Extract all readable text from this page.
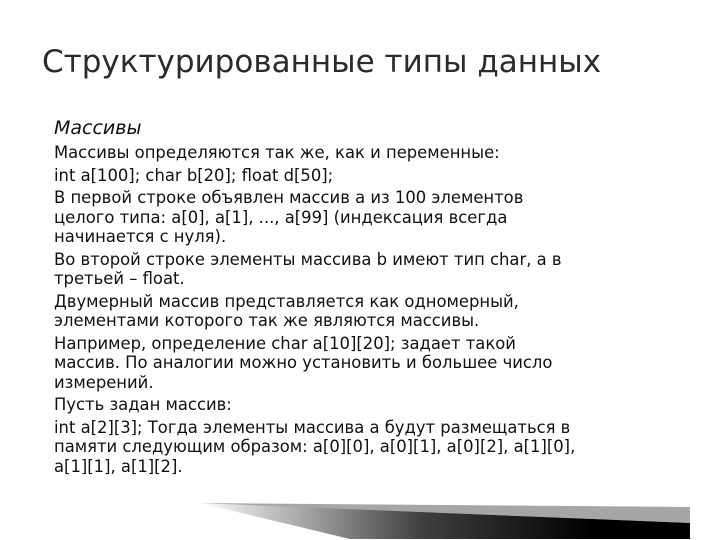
Структурированные типы данных
Массивы
Массивы определяются так же, как и переменные:
int a[100]; char b[20]; float d[50];
В первой строке объявлен массив a из 100 элементов
целого типа: a[0], a[1], ..., a[99] (индексация всегда
начинается с нуля).
Во второй строке элементы массива b имеют тип char, а в
третьей – float.
Двумерный массив представляется как одномерный,
элементами которого так же являются массивы.
Например, определение char a[10][20]; задает такой
массив. По аналогии можно установить и большее число
измерений.
Пусть задан массив:
int a[2][3]; Тогда элементы массива a будут размещаться в
памяти следующим образом: a[0][0], a[0][1], a[0][2], a[1][0],
a[1][1], a[1][2].
